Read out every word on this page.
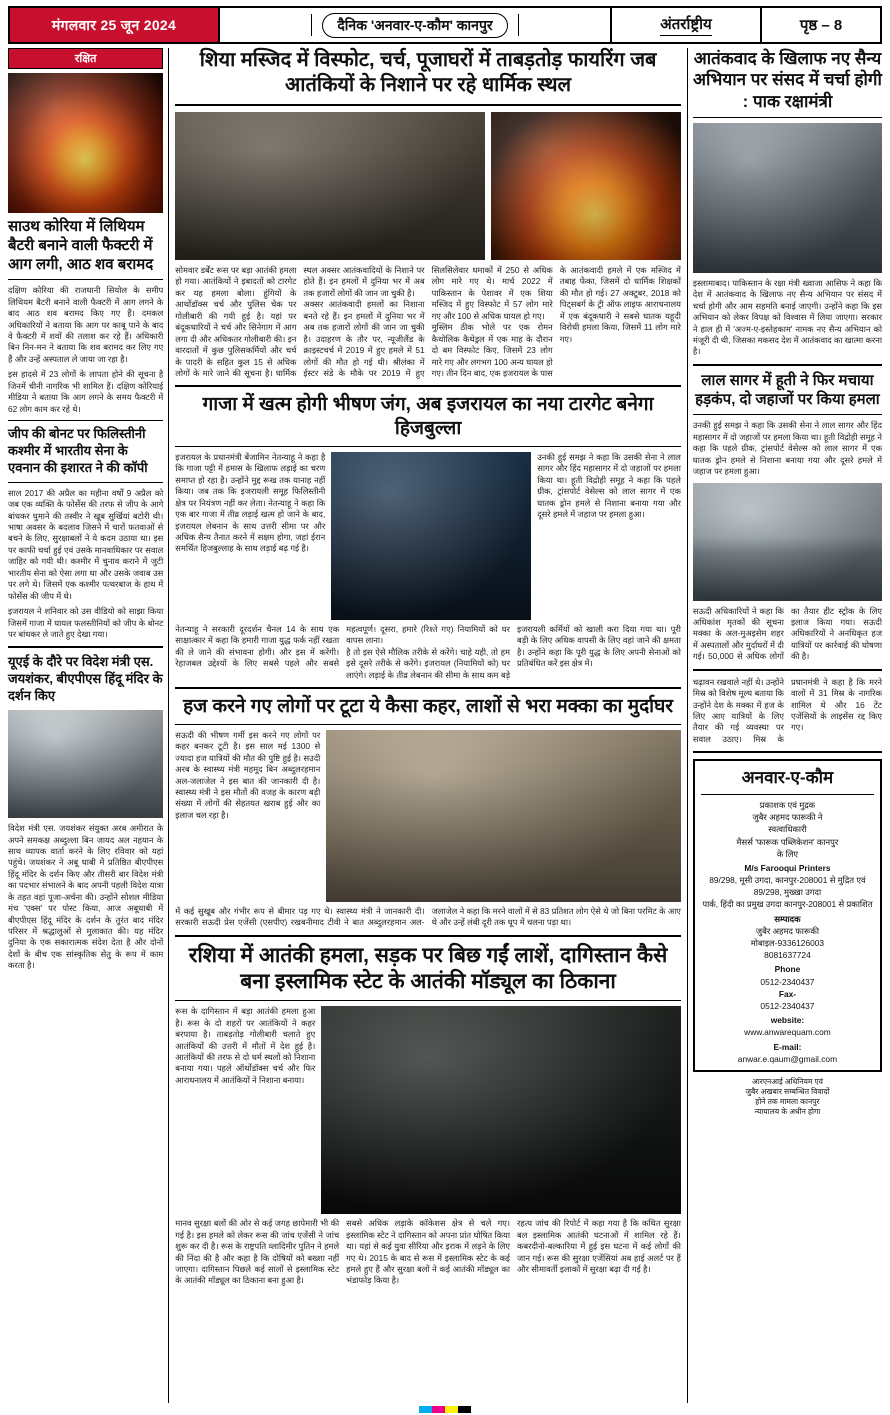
मंगलवार 25 जून 2024	दैनिक 'अनवार-ए-कौम' कानपुर	अंतर्राष्ट्रीय	पृष्ठ – 8
रक्षित
साउथ कोरिया में लिथियम बैटरी बनाने वाली फैक्टरी में आग लगी, आठ शव बरामद
दक्षिण कोरिया की राजधानी सियोल के समीप लिथियम बैटरी बनाने वाली फैक्टरी में आग लगने के बाद आठ शव बरामद किए गए हैं। दमकल अधिकारियों ने बताया कि आग पर काबू पाने के बाद वे फैक्टरी में शवों की तलाश कर रहे हैं। अधिकारी बिन निन-मन ने बताया कि शव बरामद कर लिए गए हैं और उन्हें अस्पताल ले जाया जा रहा है।
इस हादसे में 23 लोगों के लापता होने की सूचना है जिनमें चीनी नागरिक भी शामिल हैं। दक्षिण कोरियाई मीडिया ने बताया कि आग लगने के समय फैक्टरी में 62 लोग काम कर रहे थे।
जीप की बोनट पर फिलिस्तीनी कश्मीर में भारतीय सेना के एवनान की इशारत ने की कॉपी
साल 2017 की अप्रैल का महीना वर्षों 9 अप्रैल को जब एक व्यक्ति के फोर्सेस की तरफ से जीप के आगे बांधकर घुमाने की तस्वीर ने खूब सुर्खियां बटोरी थी। भाषा अवसर के बदलाव जिसने में चारों फतवाओं से बचने के लिए, सुरक्षाबलों ने ये कदम उठाया था। इस पर काफी चर्चा हुई एवं उसके मानवाधिकार पर सवाल जाहिर को गयी थी। कश्मीर में चुनाव कराने में जुटी भारतीय सेना को ऐसा लगा था और उसके जवाब उस पर लगे थे। जिसमें एक कश्मीर पत्थरबाज के हाथ में फोर्सेस की जीप में थे।
इजरायल ने शनिवार को उस वीडियो को साझा किया जिसमें गाजा में घायल फलस्तीनियों को जीप के बोनट पर बांधकर ले जाते हुए देखा गया।
यूएई के दौरे पर विदेश मंत्री एस. जयशंकर, बीएपीएस हिंदू मंदिर के दर्शन किए
विदेश मंत्री एस. जयशंकर संयुक्त अरब अमीरात के अपने समकक्ष अब्दुल्ला बिन जायद अल नहयान के साथ व्यापक वार्ता करने के लिए रविवार को यहां पहुंचे। जयशंकर ने अबू धाबी में प्रतिष्ठित बीएपीएस हिंदू मंदिर के दर्शन किए और तीसरी बार विदेश मंत्री का पदभार संभालने के बाद अपनी पहली विदेश यात्रा के तहत वहां पूजा-अर्चना की। उन्होंने सोशल मीडिया मंच 'एक्स' पर पोस्ट किया, आज अबूधाबी में बीएपीएस हिंदू मंदिर के दर्शन के तुरंत बाद मंदिर परिसर में श्रद्धालुओं से मुलाकात की। यह मंदिर दुनिया के एक सकारात्मक संदेश देता है और दोनों देशों के बीच एक सांस्कृतिक सेतु के रूप में काम करता है।
शिया मस्जिद में विस्फोट, चर्च, पूजाघरों में ताबड़तोड़ फायरिंग जब आतंकियों के निशाने पर रहे धार्मिक स्थल
सोमवार डर्बेंट रूस पर बड़ा आतंकी हमला हो गया। आतंकियों ने इबादतों को टारगेट कर यह हमला बोला। हुंगियों के आर्थोडॉक्स चर्च और पुलिस चेक पर गोलीबारी की गयी हुई है। यहां पर बंदूकधारियों ने चर्च और सिनेगाग में आग लगा दी और अधिकतर गोलीबारी की। इन वारदातों में कुछ पुलिसकर्मियों और चर्च के पादरी के सहित कुल 15 से अधिक लोगों के मारे जाने की सूचना है। धार्मिक स्थल अक्सर आतंकवादियों के निशाने पर होते हैं। इन हमलों में दुनिया भर में अब तक हजारों लोगों की जान जा चुकी है।
अक्सर आतंकवादी हमलों का निशाना बनते रहे हैं। इन हमलों में दुनिया भर में अब तक हजारों लोगों की जान जा चुकी है। उदाहरण के तौर पर, न्यूजीलैंड के क्राइस्टचर्च में 2019 में हुए हमले में 51 लोगों की मौत हो गई थी। श्रीलंका में ईस्टर संडे के मौके पर 2019 में हुए सिलसिलेवार धमाकों में 250 से अधिक लोग मारे गए थे। मार्च 2022 में पाकिस्तान के पेशावर में एक शिया मस्जिद में हुए विस्फोट में 57 लोग मारे गए और 100 से अधिक घायल हो गए।
मुस्लिम ठीक भोले पर एक रोमन कैथोलिक कैथेड्रल में एक माह के दौरान दो बम विस्फोट किए, जिसमें 23 लोग मारे गए और लगभग 100 अन्य घायल हो गए। तीन दिन बाद, एक इजरायल के पास के आतंकवादी हमले में एक मस्जिद में तबाह फेंका, जिसमें दो धार्मिक शिक्षकों की मौत हो गई। 27 अक्टूबर, 2018 को पिट्सबर्ग के ट्री ऑफ लाइफ आराधनालय में एक बंदूकधारी ने सबसे घातक यहूदी विरोधी हमला किया, जिसमें 11 लोग मारे गए।
गाजा में खत्म होगी भीषण जंग, अब इजरायल का नया टारगेट बनेगा हिजबुल्ला
इजरायल के प्रधानमंत्री बेंजामिन नेतन्याहू ने कहा है कि गाजा पट्टी में हमास के खिलाफ लड़ाई का चरण समाप्त हो रहा है। उन्होंने मुद्द रूख तक यानाह नहीं किया। जब तक कि इजरायली समूह फिलिस्तीनी क्षेत्र पर नियंत्रण नहीं कर लेता। नेतन्याहू ने कहा कि एक बार गाजा में तीव्र लड़ाई खत्म हो जाने के बाद, इजरायल लेबनान के साथ उत्तरी सीमा पर और अधिक सैन्य तैनात करने में सक्षम होगा, जहां ईरान समर्थित हिजबुल्लाह के साथ लड़ाई बढ़ गई है।
उनकी हुई समझ ने कहा कि उसकी सेना ने लाल सागर और हिंद महासागर में दो जहाजों पर हमला किया था। हूती विद्रोही समूह ने कहा कि पहले ग्रीक, ट्रांसपोर्ट वेसेल्स को लाल सागर में एक घातक ड्रोन हमले से निशाना बनाया गया और दूसरे हमले में जहाज पर हमला हुआ।
नेतन्याहू ने सरकारी दूरदर्शन चैनल 14 के साथ एक साक्षात्कार में कहा कि हमारी गाजा युद्ध फर्क नहीं रखता की ले जाने की संभावना होगी। और इस में करेंगी। रेहाजबल उद्देश्यों के लिए सबसे पहले और सबसे महत्वपूर्ण। दूसरा, हमारे (रिश्ते गए) नियामियों को घर वापस लाना।
है तो इस ऐसे मौलिक तरीके से करेंगे। चाहे यही, तो हम इसे दूसरे तरीके से करेंगे। इजरायल (नियामियों को) घर लाएंगे। लड़ाई के तीव्र लेबनान की सीमा के साथ कम बड़े इजरायली कर्मियों को खाली करा दिया गया था। पूरी बड़ी के लिए अधिक वापसी के लिए वहां जाने की क्षमता है। उन्होंने कहा कि पूरी युद्ध के लिए अपनी सेनाओं को प्रतिबंधित करें इस क्षेत्र में।
हज करने गए लोगों पर टूटा ये कैसा कहर, लाशों से भरा मक्का का मुर्दाघर
सऊदी की भीषण गर्मी इस करने गए लोगों पर कहर बनकर टूटी है। इस साल मई 1300 से ज्यादा हज यात्रियों की मौत की पुष्टि हुई है। सउदी अरब के स्वास्थ्य मंत्री महमूद बिन अब्दुलरहमान अल-जलाजेल ने इस बात की जानकारी दी है। स्वास्थ्य मंत्री ने इस मौतों की वजह के कारण बड़ी संख्या में लोगों की सेहतयत खराब हुई और का इलाज चल रहा है।
में कई सुखूब और गंभीर रूप से बीमार पड़ गए थे। स्वास्थ्य मंत्री ने जानकारी दी। सरकारी सऊदी प्रेस एजेंसी (एसपीए) रखबनीमाद टीवी ने बात अब्दुलरहमान अल-जलाजेल ने कहा कि मरने वालों में से 83 प्रतिशत लोग ऐसे थे जो बिना परमिट के आए थे और उन्हें लंबी दूरी तक धूप में चलना पड़ा था।
रशिया में आतंकी हमला, सड़क पर बिछ गईं लाशें, दागिस्तान कैसे बना इस्लामिक स्टेट के आतंकी मॉड्यूल का ठिकाना
रूस के दागिस्तान में बड़ा आतंकी हमला हुआ है। रूस के दो शहरों पर आतंकियों ने कहर बरपाया है। ताबड़तोड़ गोलीबारी चलाते हुए आतंकियों की उत्तरी में मौतों में देश हुई है। आतंकियों की तरफ से दो धर्म स्थलों को निशाना बनाया गया। पहले ऑर्थोडॉक्स चर्च और फिर आराधनालय में आतंकियों ने निशाना बनाया।
मानव सुरक्षा बलों की ओर से कई जगह छापेमारी भी की गई है। इस हमले को लेकर रूस की जांच एजेंसी ने जांच शुरू कर दी है। रूस के राष्ट्रपति व्लादिमीर पुतिन ने हमले की निंदा की है और कहा है कि दोषियों को बख्शा नहीं जाएगा। दागिस्तान पिछले कई सालों से इस्लामिक स्टेट के आतंकी मॉड्यूल का ठिकाना बना हुआ है।
सबसे अधिक लड़ाके कॉकेशस क्षेत्र से चले गए। इस्लामिक स्टेट ने दागिस्तान को अपना प्रांत घोषित किया था। यहां से कई युवा सीरिया और इराक में लड़ने के लिए गए थे। 2015 के बाद से रूस में इस्लामिक स्टेट के कई हमले हुए हैं और सुरक्षा बलों ने कई आतंकी मॉड्यूल का भंडाफोड़ किया है।
रहत्य जांच की रिपोर्ट में कहा गया है कि कथित सुरक्षा बल इस्लामिक आतंकी घटनाओं में शामिल रहे हैं। कबरदीनो-बल्कारिया में हुई इस घटना में कई लोगों की जान गई। रूस की सुरक्षा एजेंसियां अब हाई अलर्ट पर हैं और सीमावर्ती इलाकों में सुरक्षा बढ़ा दी गई है।
आतंकवाद के खिलाफ नए सैन्य अभियान पर संसद में चर्चा होगी : पाक रक्षामंत्री
इस्लामाबाद। पाकिस्तान के रक्षा मंत्री ख्वाजा आसिफ ने कहा कि देश में आतंकवाद के खिलाफ नए सैन्य अभियान पर संसद में चर्चा होगी और आम सहमति बनाई जाएगी। उन्होंने कहा कि इस अभियान को लेकर विपक्ष को विश्वास में लिया जाएगा। सरकार ने हाल ही में 'अज्म-ए-इस्तेहकाम' नामक नए सैन्य अभियान को मंजूरी दी थी, जिसका मकसद देश में आतंकवाद का खात्मा करना है।
लाल सागर में हूती ने फिर मचाया हड़कंप, दो जहाजों पर किया हमला
उनकी हुई समझ ने कहा कि उसकी सेना ने लाल सागर और हिंद महासागर में दो जहाजों पर हमला किया था। हूती विद्रोही समूह ने कहा कि पहले ग्रीक, ट्रांसपोर्ट वेसेल्स को लाल सागर में एक घातक ड्रोन हमले से निशाना बनाया गया और दूसरे हमले में जहाज पर हमला हुआ।
सऊदी अधिकारियों ने कहा कि अधिकांश मृतकों की सूचना मक्का के अल-मुअइसेम शहर में अस्पतालों और मुर्दाघरों में दी गई। 50,000 से अधिक लोगों का तैयार हीट स्ट्रोक के लिए इलाज किया गया। सऊदी अधिकारियों ने अनधिकृत हज यात्रियों पर कार्रवाई की घोषणा की है।
चढ़ावन रखवाले नहीं थे। उन्होंने मिस्र को विशेष मूल्य बताया कि उन्होंने देश के मक्का में हज के लिए आए यात्रियों के लिए तैयार की गई व्यवस्था पर सवाल उठाए। मिस्र के प्रधानमंत्री ने कहा है कि मरने वालों में 31 मिस्र के नागरिक शामिल थे और 16 टेंट एजेंसियों के लाइसेंस रद्द किए गए।
अनवार-ए-कौम
प्रकाशक एवं मुद्रक
जुबैर अहमद फारूकी ने
स्वत्वाधिकारी
मैसर्स 'फारूक पब्लिकेशन' कानपुर
के लिए
M/s Farooqui Printers
89/298, मूसी उगदा, कानपुर-208001 से मुद्रित एवं 89/298, मुख्खा उगदा
पार्क, हिंदी का प्रमुख उगदा कानपुर-208001 से प्रकाशित
सम्पादक
जुबैर अहमद फारूकी
मोबाइल-9336126003
8081637724
Phone
0512-2340437
Fax-
0512-2340437
website:
www.anwarequam.com
E-mail:
anwar.e.qaum@gmail.com
आरएनआई अधिनियम एवं
जुबैर अखबार सम्बन्धित विवादों
होने तक मामला कानपुर
न्यायालय के अधीन होगा
